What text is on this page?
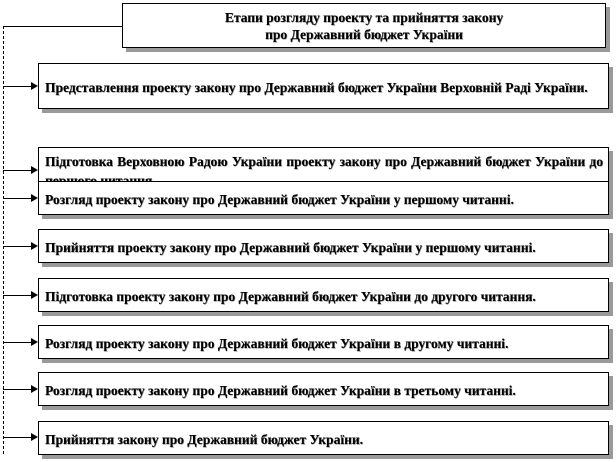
Етапи розгляду проекту та прийняття закону
про Державний бюджет України
Представлення проекту закону про Державний бюджет України Верховній Раді України.
Підготовка Верховною Радою України проекту закону про Державний бюджет України до
Розгляд проекту закону про Державний бюджет України у першому читанні.
Прийняття проекту закону про Державний бюджет України у першому читанні.
Підготовка проекту закону про Державний бюджет України до другого читання.
Розгляд проекту закону про Державний бюджет України в другому читанні.
Розгляд проекту закону про Державний бюджет України в третьому читанні.
Прийняття закону про Державний бюджет України.
